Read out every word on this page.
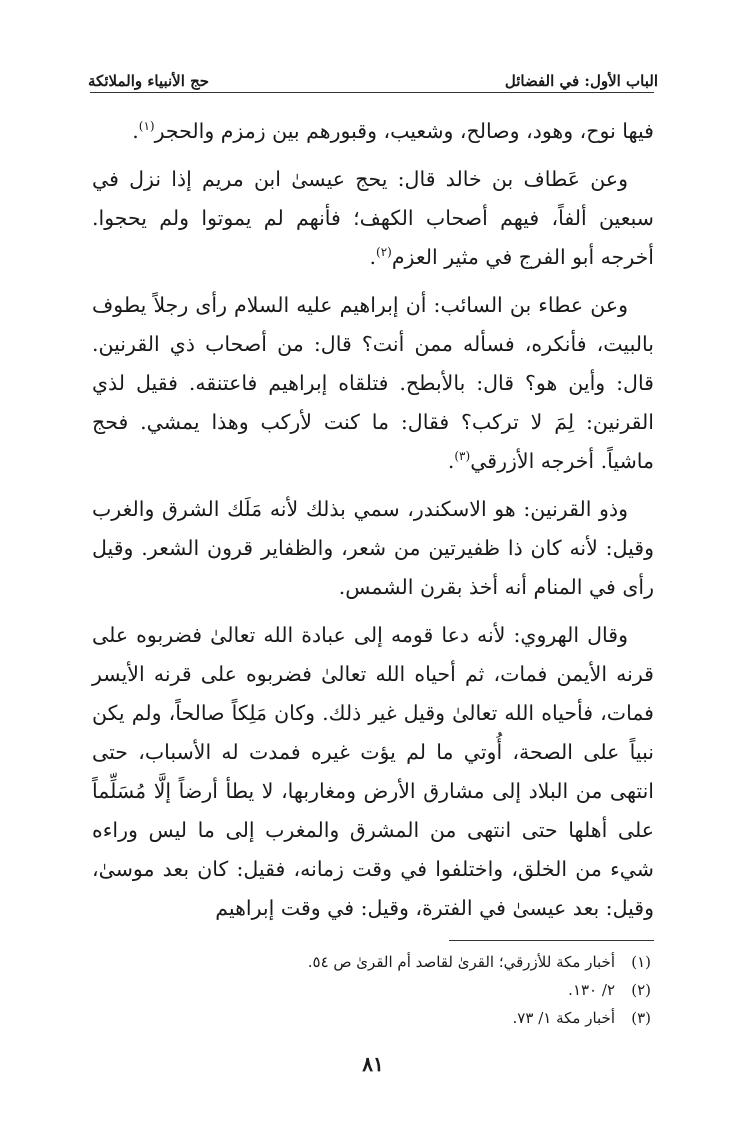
الباب الأول: في الفضائل
حج الأنبياء والملائكة

فيها نوح، وهود، وصالح، وشعيب، وقبورهم بين زمزم والحجر$^{(١)}$.

وعن عَطاف بن خالد قال: يحج عيسىٰ ابن مريم إذا نزل في سبعين ألفاً، فيهم أصحاب الكهف؛ فأنهم لم يموتوا ولم يحجوا. أخرجه أبو الفرج في مثير العزم$^{(٢)}$.

وعن عطاء بن السائب: أن إبراهيم عليه السلام رأى رجلاً يطوف بالبيت، فأنكره، فسأله ممن أنت؟ قال: من أصحاب ذي القرنين. قال: وأين هو؟ قال: بالأبطح. فتلقاه إبراهيم فاعتنقه. فقيل لذي القرنين: لِمَ لا تركب؟ فقال: ما كنت لأركب وهذا يمشي. فحج ماشياً. أخرجه الأزرقي$^{(٣)}$.

وذو القرنين: هو الاسكندر، سمي بذلك لأنه مَلَك الشرق والغرب وقيل: لأنه كان ذا ظفيرتين من شعر، والظفاير قرون الشعر. وقيل رأى في المنام أنه أخذ بقرن الشمس.

وقال الهروي: لأنه دعا قومه إلى عبادة الله تعالىٰ فضربوه على قرنه الأيمن فمات، ثم أحياه الله تعالىٰ فضربوه على قرنه الأيسر فمات، فأحياه الله تعالىٰ وقيل غير ذلك. وكان مَلِكاً صالحاً، ولم يكن نبياً على الصحة، أُوتي ما لم يؤت غيره فمدت له الأسباب، حتى انتهى من البلاد إلى مشارق الأرض ومغاربها، لا يطأ أرضاً إلَّا مُسَلِّماً على أهلها حتى انتهى من المشرق والمغرب إلى ما ليس وراءه شيء من الخلق، واختلفوا في وقت زمانه، فقيل: كان بعد موسىٰ، وقيل: بعد عيسىٰ في الفترة، وقيل: في وقت إبراهيم

(١)
أخبار مكة للأزرقي؛ القرىٰ لقاصد أم القرىٰ ص ٥٤.
(٢)
٢/ ١٣٠.
(٣)
أخبار مكة ١/ ٧٣.
٨١
